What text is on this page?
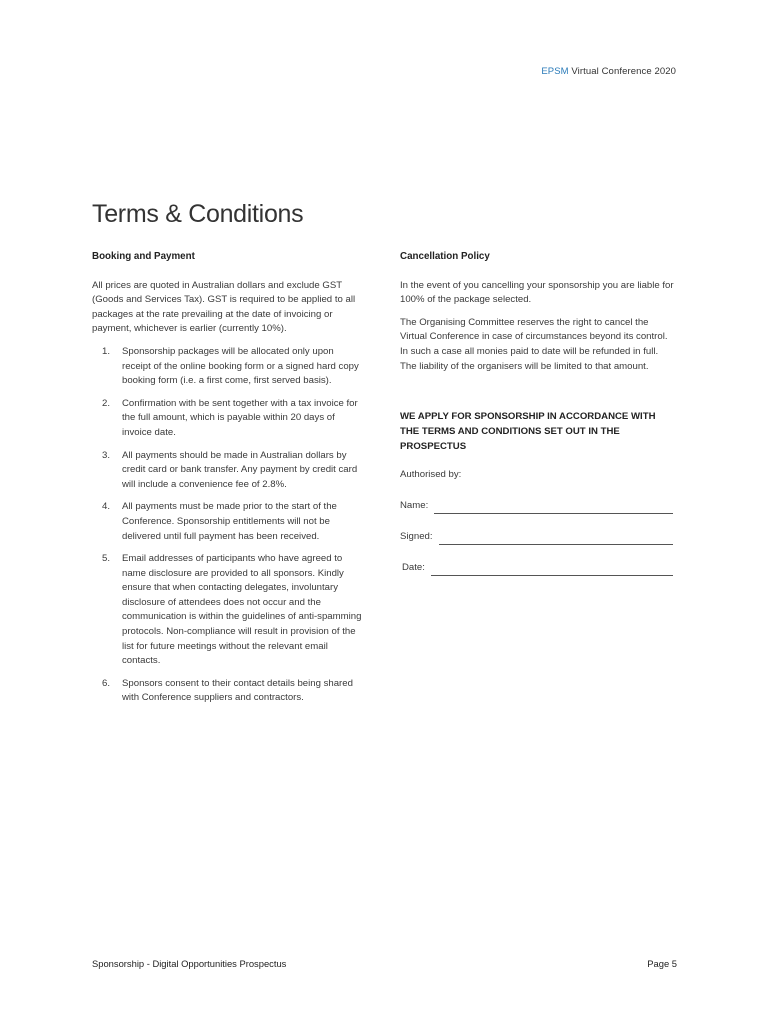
EPSM Virtual Conference 2020
Terms & Conditions
Booking and Payment

All prices are quoted in Australian dollars and exclude GST (Goods and Services Tax). GST is required to be applied to all packages at the rate prevailing at the date of invoicing or payment, whichever is earlier (currently 10%).

1. Sponsorship packages will be allocated only upon receipt of the online booking form or a signed hard copy booking form (i.e. a first come, first served basis).
2. Confirmation with be sent together with a tax invoice for the full amount, which is payable within 20 days of invoice date.
3. All payments should be made in Australian dollars by credit card or bank transfer. Any payment by credit card will include a convenience fee of 2.8%.
4. All payments must be made prior to the start of the Conference. Sponsorship entitlements will not be delivered until full payment has been received.
5. Email addresses of participants who have agreed to name disclosure are provided to all sponsors. Kindly ensure that when contacting delegates, involuntary disclosure of attendees does not occur and the communication is within the guidelines of anti-spamming protocols. Non-compliance will result in provision of the list for future meetings without the relevant email contacts.
6. Sponsors consent to their contact details being shared with Conference suppliers and contractors.
Cancellation Policy

In the event of you cancelling your sponsorship you are liable for 100% of the package selected.

The Organising Committee reserves the right to cancel the Virtual Conference in case of circumstances beyond its control. In such a case all monies paid to date will be refunded in full. The liability of the organisers will be limited to that amount.

WE APPLY FOR SPONSORSHIP IN ACCORDANCE WITH THE TERMS AND CONDITIONS SET OUT IN THE PROSPECTUS
Authorised by:
Name:
Signed:
Date:
Sponsorship - Digital Opportunities Prospectus	Page 5
